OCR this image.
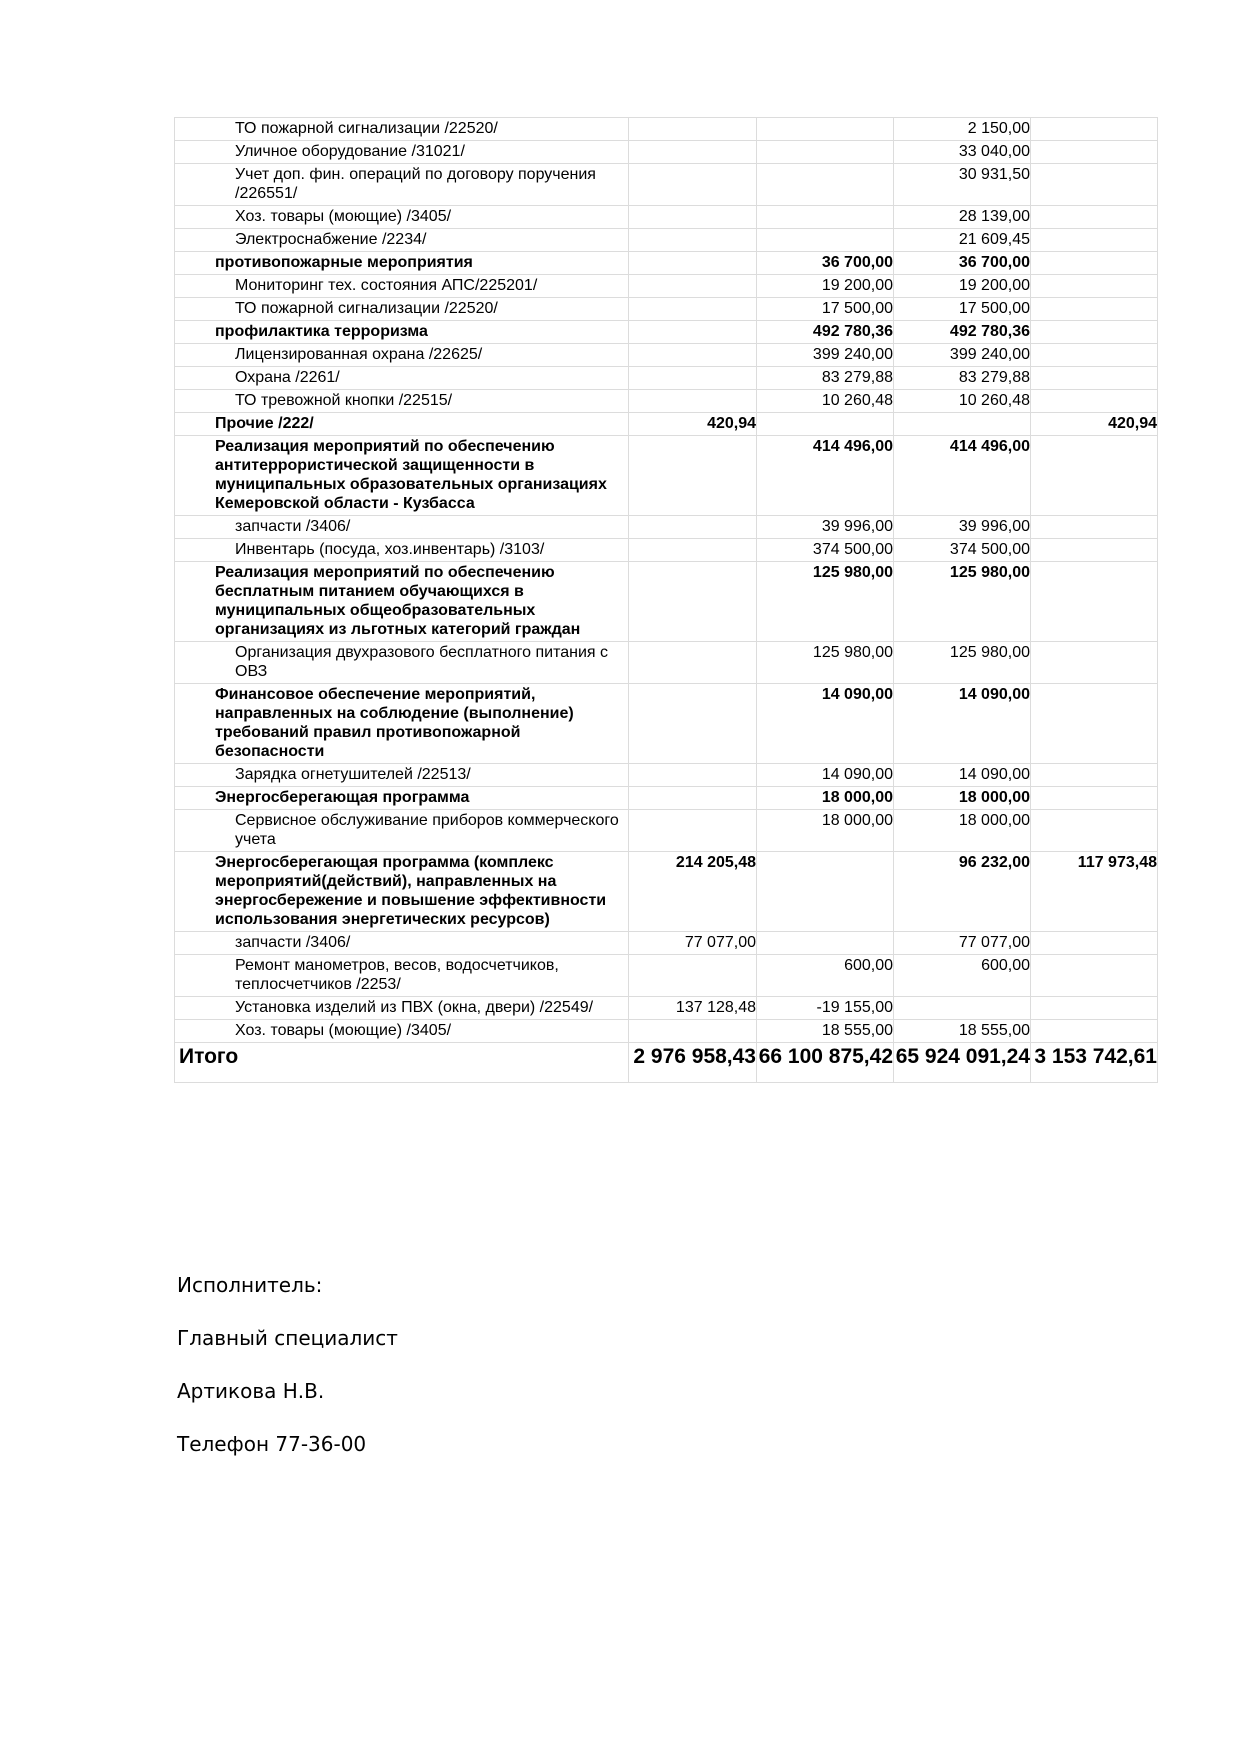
ТО пожарной сигнализации /22520/			2 150,00	
Уличное оборудование /31021/			33 040,00	
Учет доп. фин. операций по договору поручения /226551/			30 931,50	
Хоз. товары (моющие) /3405/			28 139,00	
Электроснабжение /2234/			21 609,45	
противопожарные мероприятия		36 700,00	36 700,00	
Мониторинг тех. состояния АПС/225201/		19 200,00	19 200,00	
ТО пожарной сигнализации /22520/		17 500,00	17 500,00	
профилактика терроризма		492 780,36	492 780,36	
Лицензированная охрана /22625/		399 240,00	399 240,00	
Охрана /2261/		83 279,88	83 279,88	
ТО тревожной кнопки /22515/		10 260,48	10 260,48	
Прочие /222/	420,94			420,94
Реализация мероприятий по обеспечению антитеррористической защищенности в муниципальных образовательных организациях Кемеровской области - Кузбасса		414 496,00	414 496,00	
запчасти /3406/		39 996,00	39 996,00	
Инвентарь (посуда, хоз.инвентарь) /3103/		374 500,00	374 500,00	
Реализация мероприятий по обеспечению бесплатным питанием обучающихся в муниципальных общеобразовательных организациях из льготных категорий граждан		125 980,00	125 980,00	
Организация двухразового бесплатного питания с ОВЗ		125 980,00	125 980,00	
Финансовое обеспечение мероприятий, направленных на соблюдение (выполнение) требований правил противопожарной безопасности		14 090,00	14 090,00	
Зарядка огнетушителей /22513/		14 090,00	14 090,00	
Энергосберегающая программа		18 000,00	18 000,00	
Сервисное обслуживание приборов коммерческого учета		18 000,00	18 000,00	
Энергосберегающая программа (комплекс мероприятий(действий), направленных на энергосбережение и повышение эффективности использования энергетических ресурсов)	214 205,48		96 232,00	117 973,48
запчасти /3406/	77 077,00		77 077,00	
Ремонт манометров, весов, водосчетчиков, теплосчетчиков /2253/		600,00	600,00	
Установка изделий из ПВХ (окна, двери) /22549/	137 128,48	-19 155,00		
Хоз. товары (моющие) /3405/		18 555,00	18 555,00	
Итого	2 976 958,43	66 100 875,42	65 924 091,24	3 153 742,61
Исполнитель:
Главный специалист
Артикова Н.В.
Телефон 77-36-00
